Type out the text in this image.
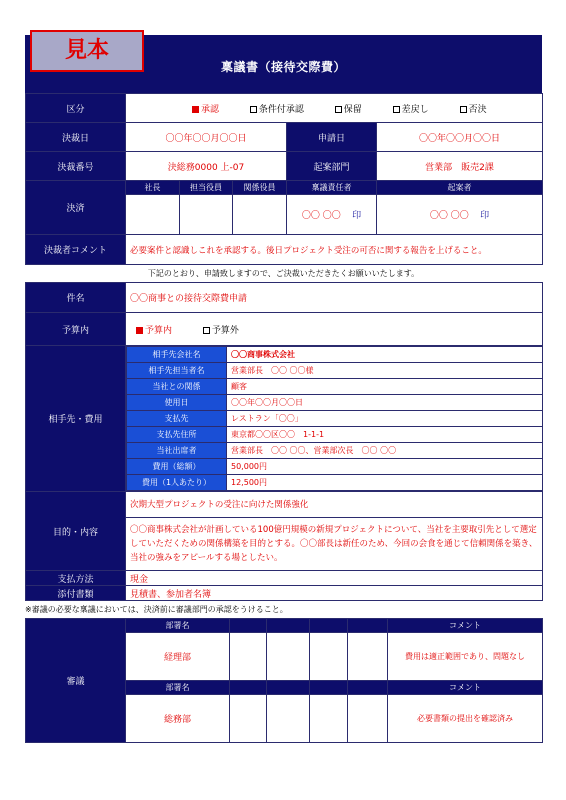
見本
稟議書（接待交際費）
区分	承認 条件付承認 保留 差戻し 否決				
決裁日	〇〇年〇〇月〇〇日			申請日	〇〇年〇〇月〇〇日
決裁番号	決総務0000 上-07			起案部門	営業部　販売2課
決済	社長	担当役員	関係役員	稟議責任者	起案者
				〇〇 〇〇 印	〇〇 〇〇 印
決裁者コメント	必要案件と認識しこれを承認する。後日プロジェクト受注の可否に関する報告を上げること。				
下記のとおり、申請致しますので、ご決裁いただきたくお願いいたします。
件名	〇〇商事との接待交際費申請
予算内	予算内	予算外
相手先・費用	
相手先会社名	〇〇商事株式会社
相手先担当者名	営業部長　〇〇 〇〇様
当社との関係	顧客
使用日	〇〇年〇〇月〇〇日
支払先	レストラン「〇〇」
支払先住所	東京都〇〇区〇〇　1-1-1
当社出席者	営業部長　〇〇 〇〇、営業部次長　〇〇 〇〇
費用（総額）	50,000円
費用（1人あたり）	12,500円

目的・内容	次期大型プロジェクトの受注に向けた関係強化
〇〇商事株式会社が計画している100億円規模の新規プロジェクトについて、当社を主要取引先として選定していただくための関係構築を目的とする。〇〇部長は新任のため、今回の会食を通じて信頼関係を築き、当社の強みをアピールする場としたい。
支払方法	現金
添付書類	見積書、参加者名簿
※審議の必要な稟議においては、決済前に審議部門の承認をうけること。
審議	部署名					コメント
	経理部					費用は適正範囲であり、問題なし
	部署名					コメント
	総務部					必要書類の提出を確認済み
